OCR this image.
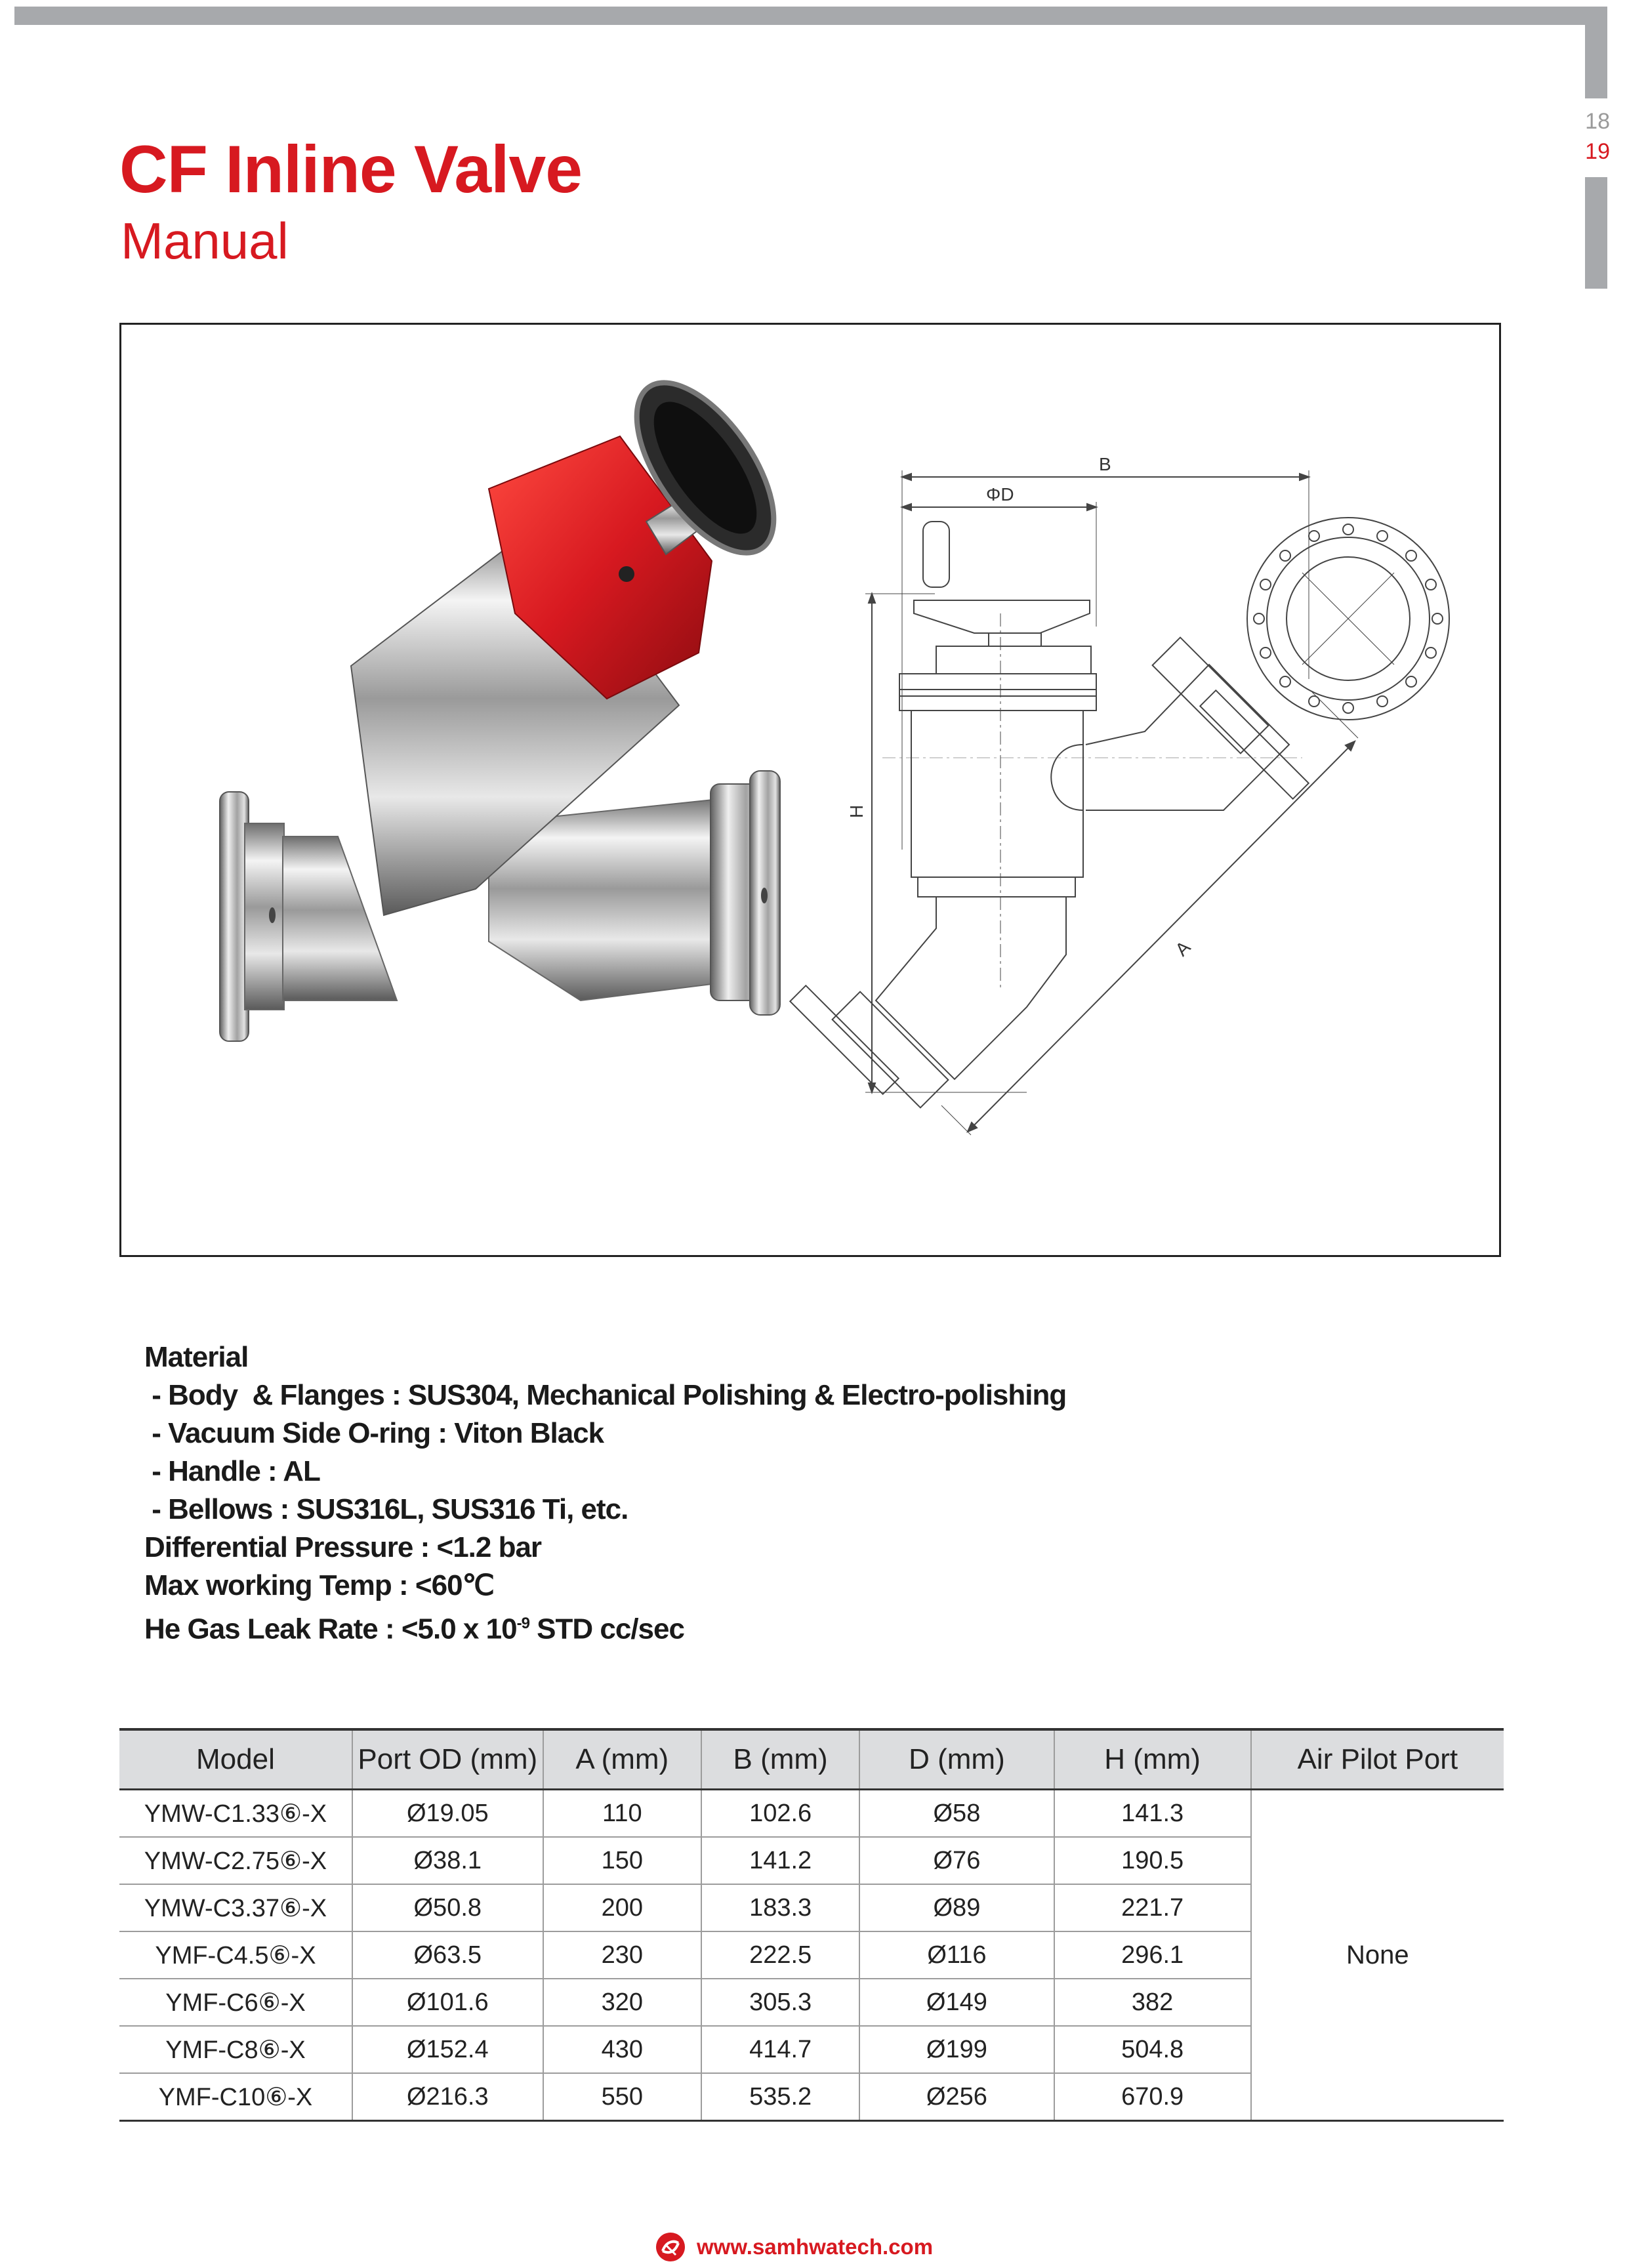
18
19
CF Inline Valve
Manual
B
ΦD
H
A
Material
- Body  & Flanges : SUS304, Mechanical Polishing & Electro-polishing
- Vacuum Side O-ring : Viton Black
- Handle : AL
- Bellows : SUS316L, SUS316 Ti, etc.
Differential Pressure : <1.2 bar
Max working Temp : <60℃
He Gas Leak Rate : <5.0 x $10^{-9}$ STD cc/sec
Model	Port OD (mm)	A (mm)	B (mm)	D (mm)	H (mm)	Air Pilot Port
YMW-C1.33⑥-X	Ø19.05	110	102.6	Ø58	141.3	None
YMW-C2.75⑥-X	Ø38.1	150	141.2	Ø76	190.5	
YMW-C3.37⑥-X	Ø50.8	200	183.3	Ø89	221.7	
YMF-C4.5⑥-X	Ø63.5	230	222.5	Ø116	296.1	
YMF-C6⑥-X	Ø101.6	320	305.3	Ø149	382	
YMF-C8⑥-X	Ø152.4	430	414.7	Ø199	504.8	
YMF-C10⑥-X	Ø216.3	550	535.2	Ø256	670.9	
www.samhwatech.com
